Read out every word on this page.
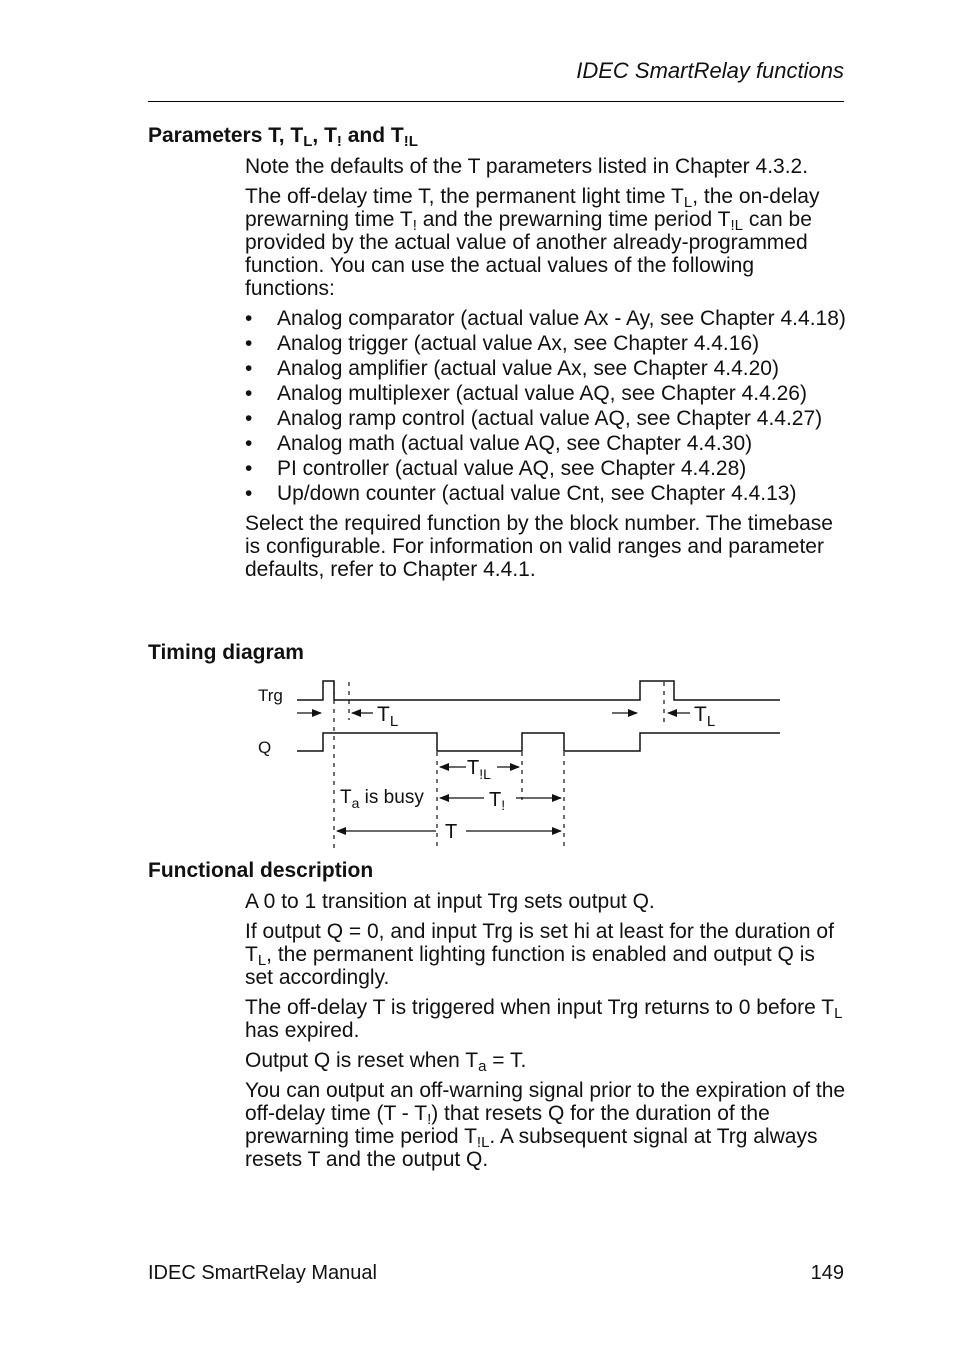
IDEC SmartRelay functions
Parameters T, $T_L$, $T_!$ and $T_{!L}$

Note the defaults of the T parameters listed in Chapter 4.3.2.

The off-delay time T, the permanent light time $T_L$, the on-delay prewarning time $T_!$ and the prewarning time period $T_{!L}$ can be provided by the actual value of another already-programmed function. You can use the actual values of the following functions:

• Analog comparator (actual value Ax - Ay, see Chapter 4.4.18)
• Analog trigger (actual value Ax, see Chapter 4.4.16)
• Analog amplifier (actual value Ax, see Chapter 4.4.20)
• Analog multiplexer (actual value AQ, see Chapter 4.4.26)
• Analog ramp control (actual value AQ, see Chapter 4.4.27)
• Analog math (actual value AQ, see Chapter 4.4.30)
• PI controller (actual value AQ, see Chapter 4.4.28)
• Up/down counter (actual value Cnt, see Chapter 4.4.13)

Select the required function by the block number. The timebase is configurable. For information on valid ranges and parameter defaults, refer to Chapter 4.4.1.

Timing diagram
Trg
Q
$T_L$	$T_L$
$T_{!L}$
$T_a$ is busy	$T_!$
T
Functional description

A 0 to 1 transition at input Trg sets output Q.

If output Q = 0, and input Trg is set hi at least for the duration of $T_L$, the permanent lighting function is enabled and output Q is set accordingly.

The off-delay T is triggered when input Trg returns to 0 before $T_L$ has expired.

Output Q is reset when $T_a = T$.

You can output an off-warning signal prior to the expiration of the off-delay time $(T - T_!)$ that resets Q for the duration of the prewarning time period $T_{!L}$. A subsequent signal at Trg always resets T and the output Q.

IDEC SmartRelay Manual	149
